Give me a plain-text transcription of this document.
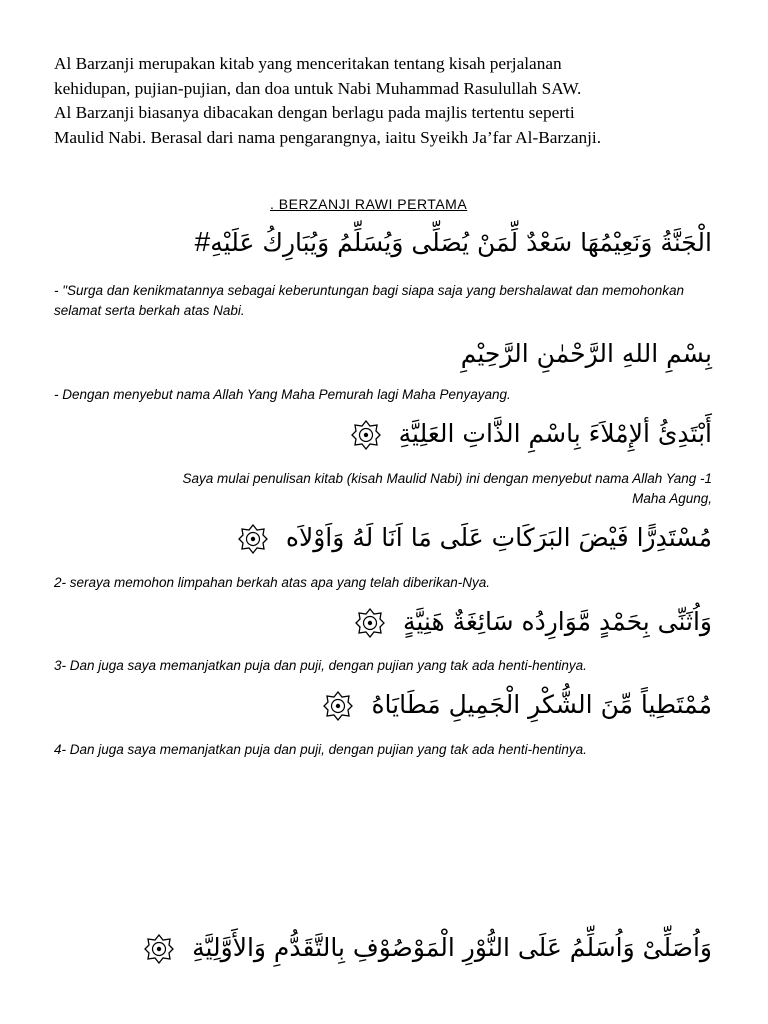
Al Barzanji merupakan kitab yang menceritakan tentang kisah perjalanan

kehidupan, pujian-pujian, dan doa untuk Nabi Muhammad Rasulullah SAW.

Al Barzanji biasanya dibacakan dengan berlagu pada majlis tertentu seperti

Maulid Nabi. Berasal dari nama pengarangnya, iaitu Syeikh Ja’far Al-Barzanji.

. BERZANJI RAWI PERTAMA
الْجَنَّةُ وَنَعِيْمُهَا سَعْدٌ لِّمَنْ يُصَلِّى وَيُسَلِّمُ وَيُبَارِكُ عَلَيْهِ#
- "Surga dan kenikmatannya sebagai keberuntungan bagi siapa saja yang bershalawat dan memohonkan selamat serta berkah atas Nabi.
بِسْمِ اللهِ الرَّحْمٰنِ الرَّحِيْمِ
- Dengan menyebut nama Allah Yang Maha Pemurah lagi Maha Penyayang.
أَبْتَدِئُ ألإِمْلاَءَ بِاسْمِ الذَّاتِ العَلِيَّةِ
Saya mulai penulisan kitab (kisah Maulid Nabi) ini dengan menyebut nama Allah Yang -1
,Maha Agung
مُسْتَدِرًّا فَيْضَ البَرَكَاتِ عَلَى مَا اَنَا لَهُ وَاَوْلاَه
2- seraya memohon limpahan berkah atas apa yang telah diberikan-Nya.
وَاُثَنِّى بِحَمْدٍ مَّوَارِدُه سَائِغَةٌ هَنِيَّةٍ
3- Dan juga saya memanjatkan puja dan puji, dengan pujian yang tak ada henti-hentinya.
مُمْتَطِياً مِّنَ الشُّكْرِ الْجَمِيلِ مَطَايَاهُ
4- Dan juga saya memanjatkan puja dan puji, dengan pujian yang tak ada henti-hentinya.
وَاُصَلِّىْ وَاُسَلِّمُ عَلَى النُّوْرِ الْمَوْصُوْفِ بِالتَّقَدُّمِ وَالأَوَّلِيَّةِ
